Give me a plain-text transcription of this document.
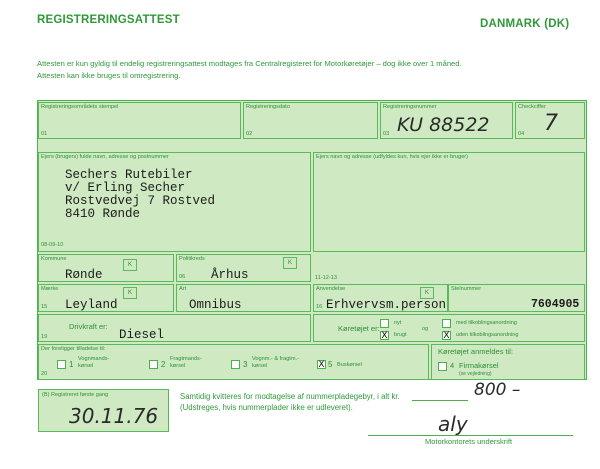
REGISTRERINGSATTEST	DANMARK (DK)
Attesten er kun gyldig til endelig registreringsattest modtages fra Centralregisteret for Motorkøretøjer – dog ikke over 1 måned.
Attesten kan ikke bruges til omregistrering.
Registreringsområdets stempel
01
Registreringsdato
02
Registreringsnummer
03 KU 88522
Checkciffer
04 7
Ejers (brugers) fulde navn, adresse og postnummer
Sechers Rutebiler
v/ Erling Secher
Rostvedvej 7 Rostved
8410 Rønde
08-09-10
Ejers navn og adresse (udfyldes kun, hvis ejer ikke er bruger)
Kommune
K
Rønde
Politikreds
K
06 Århus	11-12-13
Mærke
K
15 Leyland
Art
Omnibus
Anvendelse
K
16 Erhvervsm.person
Stelnummer
7604905
Drivkraft er:
19	Diesel	Køretøjet er:
nyt
X brugt
og
med tilkoblingsanordning
X uden tilkoblingsanordning
Der foreligger tilladelse til:
20
1
Vognmands-
kørsel	2
Fragtmands-
kørsel	3
Vognm.- & fragtm.-
kørsel	X 5 Buskørsel
Køretøjet anmeldes til:
4 Firmakørsel
(se vejledning)
(B) Registreret første gang
30.11.76
Samtidig kvitteres for modtagelse af nummerpladegebyr, i alt kr.
(Udstreges, hvis nummerplader ikke er udleveret).
800 –
aly
Motorkontorets underskrift
